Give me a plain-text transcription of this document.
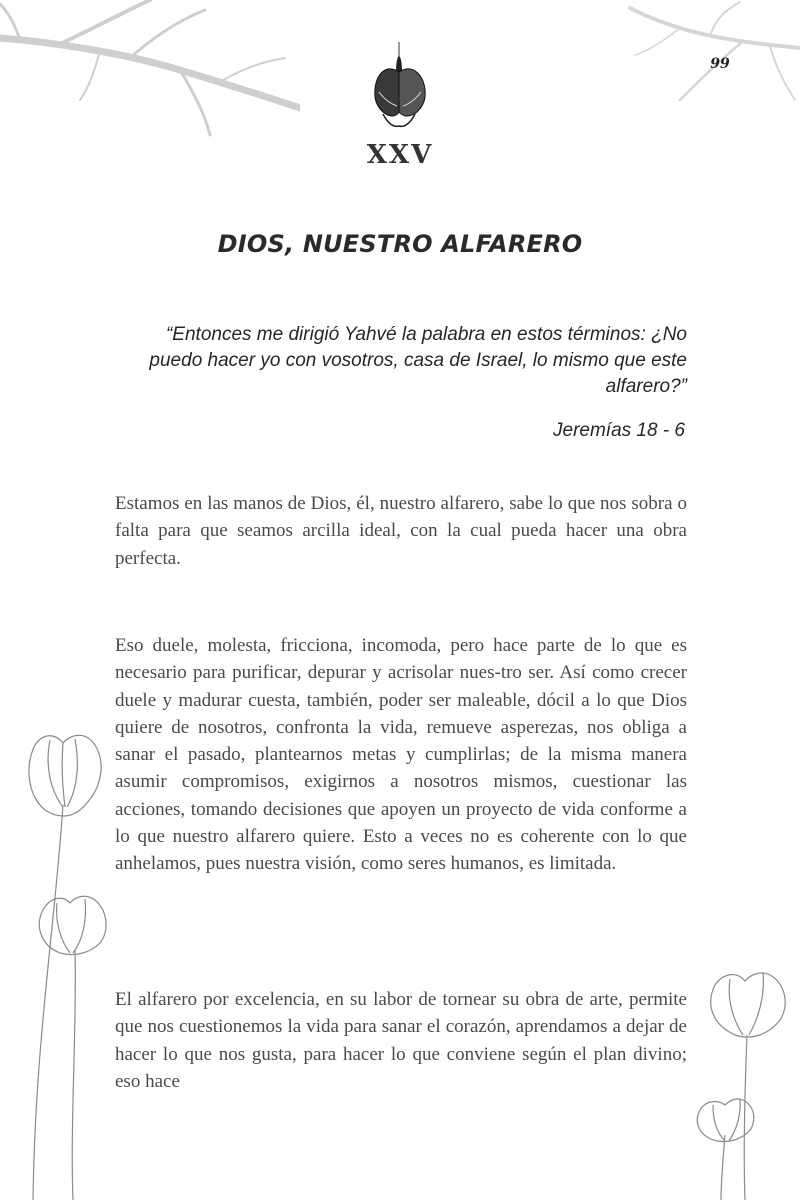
99
XXV
DIOS, NUESTRO ALFARERO

“Entonces me dirigió Yahvé la palabra en estos términos: ¿No puedo hacer yo con vosotros, casa de Israel, lo mismo que este alfarero?”

Jeremías 18 - 6

Estamos en las manos de Dios, él, nuestro alfarero, sabe lo que nos sobra o falta para que seamos arcilla ideal, con la cual pueda hacer una obra perfecta.

Eso duele, molesta, fricciona, incomoda, pero hace parte de lo que es necesario para purificar, depurar y acrisolar nues-tro ser. Así como crecer duele y madurar cuesta, también, poder ser maleable, dócil a lo que Dios quiere de nosotros, confronta la vida, remueve asperezas, nos obliga a sanar el pasado, plantearnos metas y cumplirlas; de la misma manera asumir compromisos, exigirnos a nosotros mismos, cuestionar las acciones, tomando decisiones que apoyen un proyecto de vida conforme a lo que nuestro alfarero quiere. Esto a veces no es coherente con lo que anhelamos, pues nuestra visión, como seres humanos, es limitada.

El alfarero por excelencia, en su labor de tornear su obra de arte, permite que nos cuestionemos la vida para sanar el corazón, aprendamos a dejar de hacer lo que nos gusta, para hacer lo que conviene según el plan divino; eso hace
